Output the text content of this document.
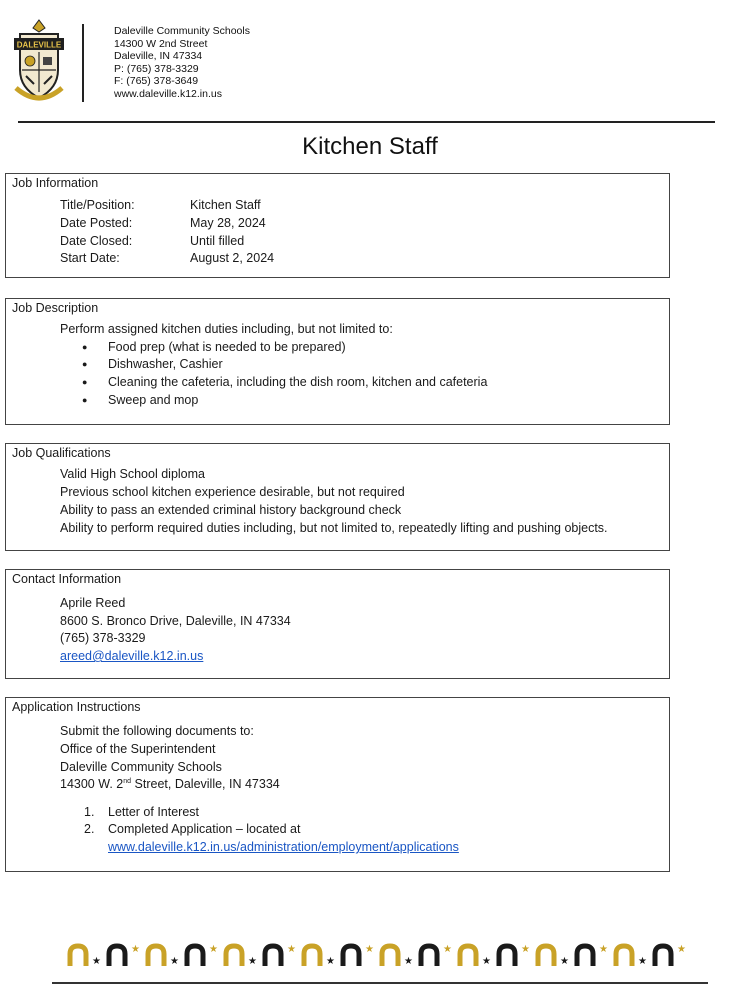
DALEVILLE
Daleville Community Schools
14300 W 2nd Street
Daleville, IN 47334
P: (765) 378-3329
F: (765) 378-3649
www.daleville.k12.in.us
Kitchen Staff
Job Information
Title/Position:	Kitchen Staff
Date Posted:	May 28, 2024
Date Closed:	Until filled
Start Date:	August 2, 2024
Job Description
Perform assigned kitchen duties including, but not limited to:
● Food prep (what is needed to be prepared)
● Dishwasher, Cashier
● Cleaning the cafeteria, including the dish room, kitchen and cafeteria
● Sweep and mop
Job Qualifications
Valid High School diploma
Previous school kitchen experience desirable, but not required
Ability to pass an extended criminal history background check
Ability to perform required duties including, but not limited to, repeatedly lifting and pushing objects.
Contact Information
Aprile Reed
8600 S. Bronco Drive, Daleville, IN 47334
(765) 378-3329
areed@daleville.k12.in.us
Application Instructions
Submit the following documents to:
Office of the Superintendent
Daleville Community Schools
14300 W. 2nd Street, Daleville, IN 47334
1. Letter of Interest
2. Completed Application – located at
www.daleville.k12.in.us/administration/employment/applications
★
★
★
★
★
★
★
★
★
★
★
★
★
★
★
★
